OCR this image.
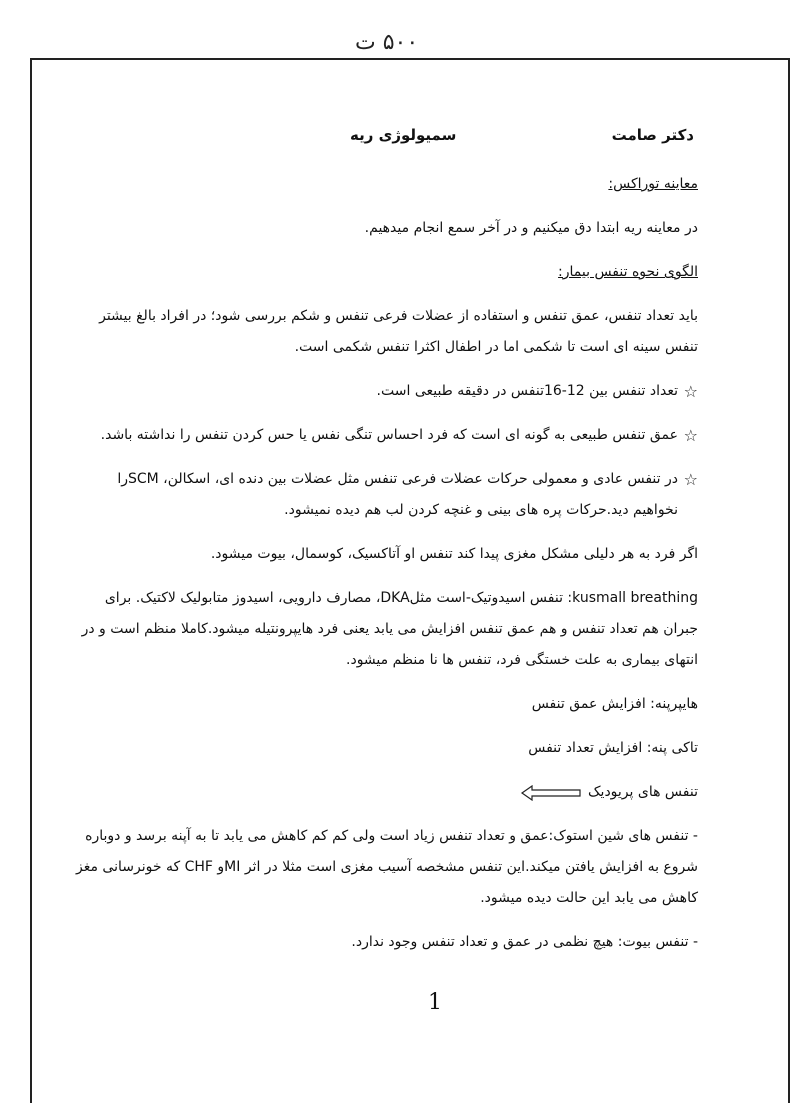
۵۰۰ ت
دکتر صامت
سمیولوژی ریه

معاینه توراکس:

در معاینه ریه ابتدا دق میکنیم و در آخر سمع انجام میدهیم.

الگوی نحوه تنفس بیمار:

باید تعداد تنفس، عمق تنفس و استفاده از عضلات فرعی تنفس و شکم بررسی شود؛ در افراد بالغ بیشتر تنفس سینه ای است تا شکمی اما در اطفال اکثرا تنفس شکمی است.

☆
تعداد تنفس بین 12-16تنفس در دقیقه طبیعی است.

☆
عمق تنفس طبیعی به گونه ای است که فرد احساس تنگی نفس یا حس کردن تنفس را نداشته باشد.

☆
در تنفس عادی و معمولی حرکات عضلات فرعی تنفس مثل عضلات بین دنده ای، اسکالن، SCMرا نخواهیم دید.حرکات پره های بینی و غنچه کردن لب هم دیده نمیشود.

اگر فرد به هر دلیلی مشکل مغزی پیدا کند تنفس او آتاکسیک، کوسمال، بیوت میشود.

kusmall breathing: تنفس اسیدوتیک-است مثلDKA، مصارف دارویی، اسیدوز متابولیک لاکتیک. برای جبران هم تعداد تنفس و هم عمق تنفس افزایش می یابد یعنی فرد هایپرونتیله میشود.کاملا منظم است و در انتهای بیماری به علت خستگی فرد، تنفس ها نا منظم میشود.

هایپرپنه: افزایش عمق تنفس

تاکی پنه: افزایش تعداد تنفس

تنفس های پریودیک

- تنفس های شین استوک:عمق و تعداد تنفس زیاد است ولی کم کم کاهش می یابد تا به آپنه برسد و دوباره شروع به افزایش یافتن میکند.این تنفس مشخصه آسیب مغزی است مثلا در اثر MIو CHF که خونرسانی مغز کاهش می یابد این حالت دیده میشود.

- تنفس بیوت: هیچ نظمی در عمق و تعداد تنفس وجود ندارد.

1
